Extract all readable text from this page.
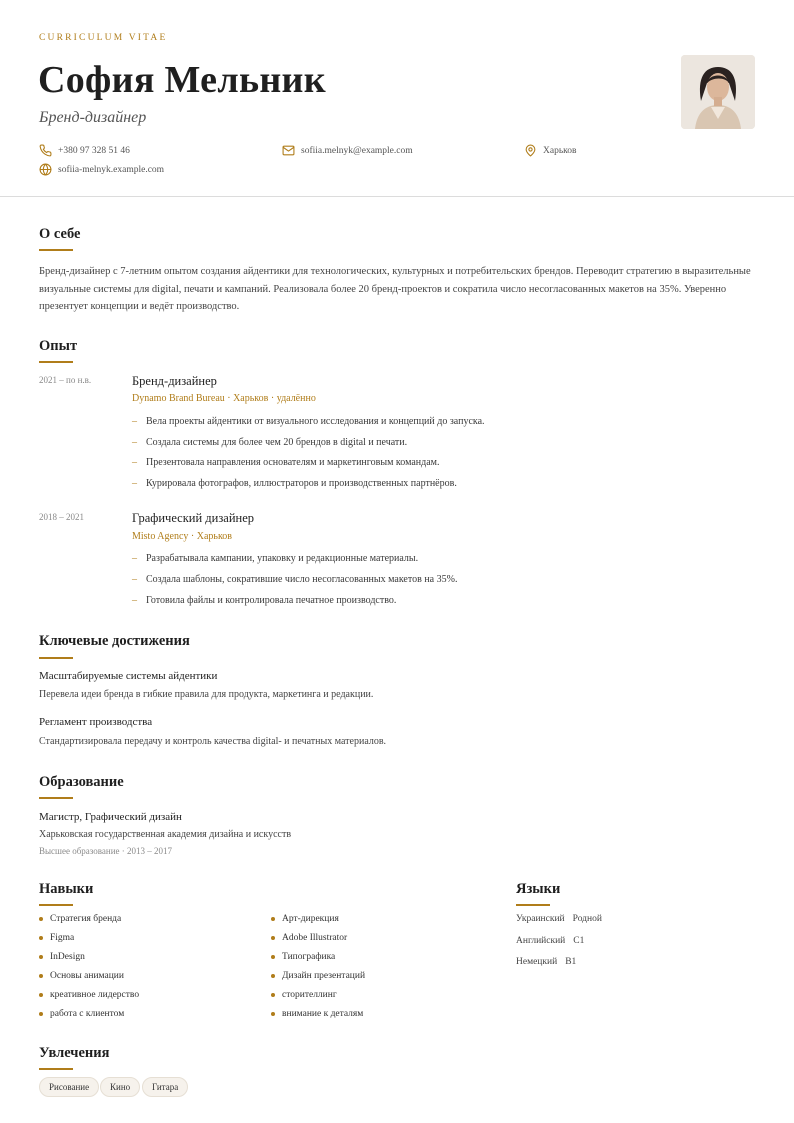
CURRICULUM VITAE
София Мельник
Бренд-дизайнер
+380 97 328 51 46	sofiia.melnyk@example.com	Харьков
sofiia-melnyk.example.com
О себе
Бренд-дизайнер с 7-летним опытом создания айдентики для технологических, культурных и потребительских брендов. Переводит стратегию в выразительные визуальные системы для digital, печати и кампаний. Реализовала более 20 бренд-проектов и сократила число несогласованных макетов на 35%. Уверенно презентует концепции и ведёт производство.
Опыт
2021 – по н.в.	Бренд-дизайнер
Dynamo Brand Bureau · Харьков · удалённо
– Вела проекты айдентики от визуального исследования и концепций до запуска.
– Создала системы для более чем 20 брендов в digital и печати.
– Презентовала направления основателям и маркетинговым командам.
– Курировала фотографов, иллюстраторов и производственных партнёров.
2018 – 2021	Графический дизайнер
Misto Agency · Харьков
– Разрабатывала кампании, упаковку и редакционные материалы.
– Создала шаблоны, сократившие число несогласованных макетов на 35%.
– Готовила файлы и контролировала печатное производство.
Ключевые достижения
Масштабируемые системы айдентики
Перевела идеи бренда в гибкие правила для продукта, маркетинга и редакции.
Регламент производства
Стандартизировала передачу и контроль качества digital- и печатных материалов.
Образование
Магистр, Графический дизайн
Харьковская государственная академия дизайна и искусств
Высшее образование · 2013 – 2017
Навыки
Стратегия бренда	Арт-дирекция
Figma	Adobe Illustrator
InDesign	Типографика
Основы анимации	Дизайн презентаций
креативное лидерство	сторителлинг
работа с клиентом	внимание к деталям
Языки
Украинский Родной
Английский C1
Немецкий B1
Увлечения
Рисование	Кино	Гитара
